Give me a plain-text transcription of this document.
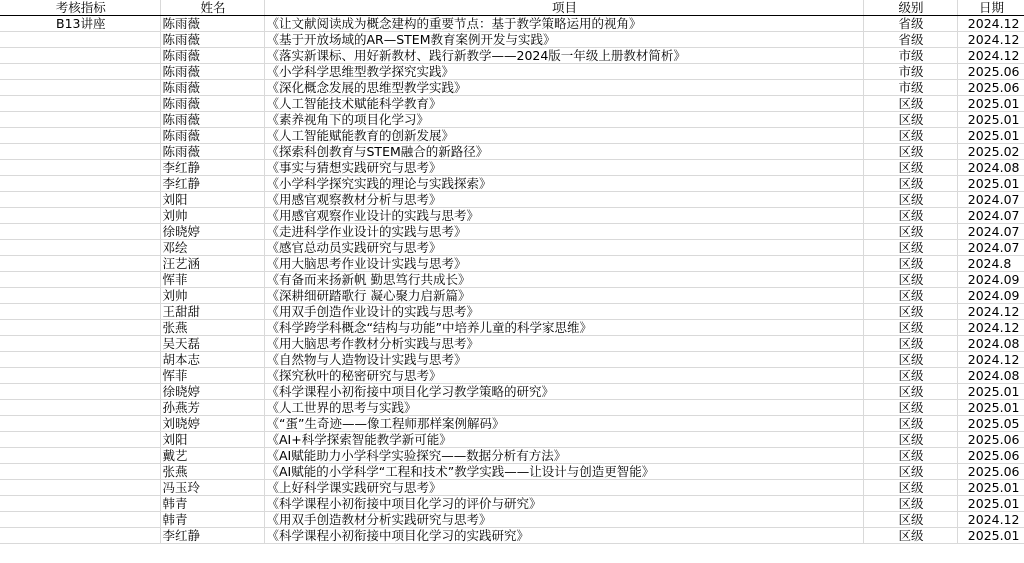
考核指标	姓名	项目	级别	日期
B13讲座	陈雨薇	《让文献阅读成为概念建构的重要节点：基于教学策略运用的视角》	省级	2024.12
	陈雨薇	《基于开放场域的AR—STEM教育案例开发与实践》	省级	2024.12
	陈雨薇	《落实新课标、用好新教材、践行新教学——2024版一年级上册教材简析》	市级	2024.12
	陈雨薇	《小学科学思维型教学探究实践》	市级	2025.06
	陈雨薇	《深化概念发展的思维型教学实践》	市级	2025.06
	陈雨薇	《人工智能技术赋能科学教育》	区级	2025.01
	陈雨薇	《素养视角下的项目化学习》	区级	2025.01
	陈雨薇	《人工智能赋能教育的创新发展》	区级	2025.01
	陈雨薇	《探索科创教育与STEM融合的新路径》	区级	2025.02
	李红静	《事实与猜想实践研究与思考》	区级	2024.08
	李红静	《小学科学探究实践的理论与实践探索》	区级	2025.01
	刘阳	《用感官观察教材分析与思考》	区级	2024.07
	刘帅	《用感官观察作业设计的实践与思考》	区级	2024.07
	徐晓婷	《走进科学作业设计的实践与思考》	区级	2024.07
	邓绘	《感官总动员实践研究与思考》	区级	2024.07
	汪艺涵	《用大脑思考作业设计实践与思考》	区级	2024.8
	恽菲	《有备而来扬新帆 勤思笃行共成长》	区级	2024.09
	刘帅	《深耕细研踏歌行 凝心聚力启新篇》	区级	2024.09
	王甜甜	《用双手创造作业设计的实践与思考》	区级	2024.12
	张燕	《科学跨学科概念“结构与功能”中培养儿童的科学家思维》	区级	2024.12
	吴天磊	《用大脑思考作教材分析实践与思考》	区级	2024.08
	胡本志	《自然物与人造物设计实践与思考》	区级	2024.12
	恽菲	《探究秋叶的秘密研究与思考》	区级	2024.08
	徐晓婷	《科学课程小初衔接中项目化学习教学策略的研究》	区级	2025.01
	孙燕芳	《人工世界的思考与实践》	区级	2025.01
	刘晓婷	《“蛋”生奇迹——像工程师那样案例解码》	区级	2025.05
	刘阳	《AI+科学探索智能教学新可能》	区级	2025.06
	戴艺	《AI赋能助力小学科学实验探究——数据分析有方法》	区级	2025.06
	张燕	《AI赋能的小学科学“工程和技术”教学实践——让设计与创造更智能》	区级	2025.06
	冯玉玲	《上好科学课实践研究与思考》	区级	2025.01
	韩青	《科学课程小初衔接中项目化学习的评价与研究》	区级	2025.01
	韩青	《用双手创造教材分析实践研究与思考》	区级	2024.12
	李红静	《科学课程小初衔接中项目化学习的实践研究》	区级	2025.01
